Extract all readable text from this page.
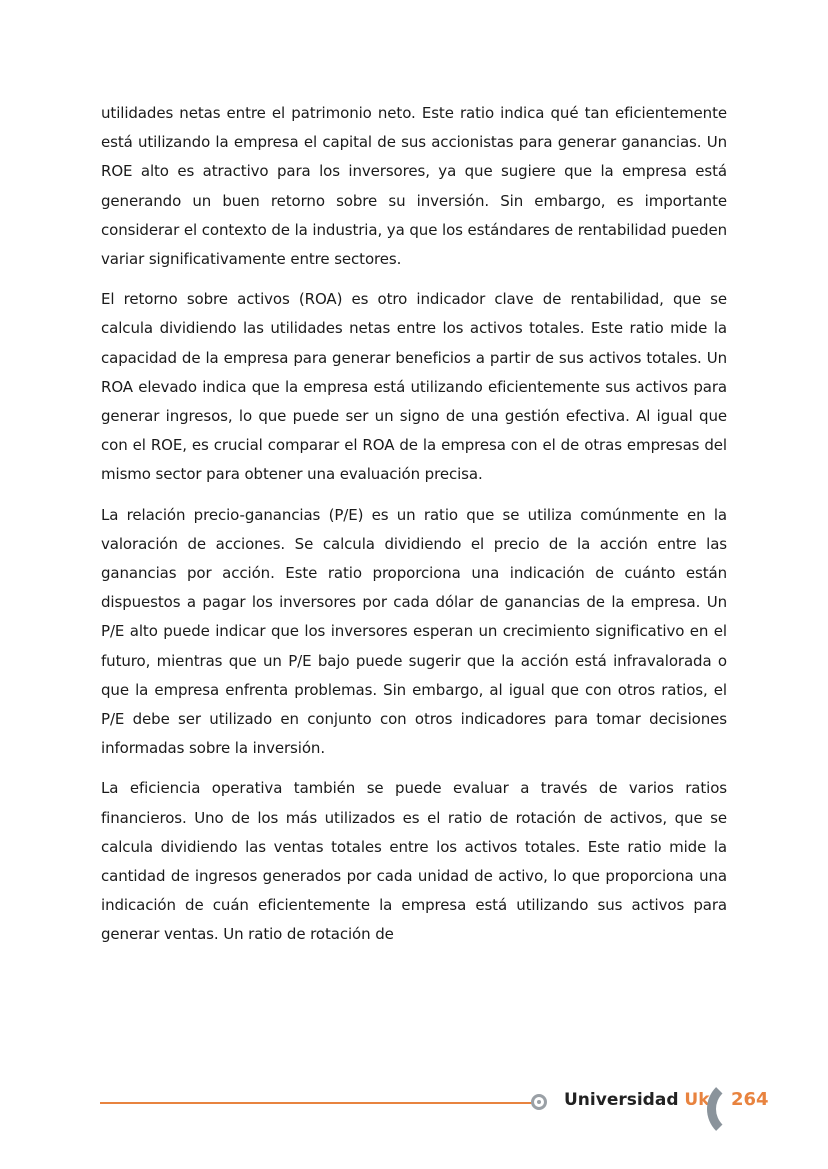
utilidades netas entre el patrimonio neto. Este ratio indica qué tan eficientemente está utilizando la empresa el capital de sus accionistas para generar ganancias. Un ROE alto es atractivo para los inversores, ya que sugiere que la empresa está generando un buen retorno sobre su inversión. Sin embargo, es importante considerar el contexto de la industria, ya que los estándares de rentabilidad pueden variar significativamente entre sectores.

El retorno sobre activos (ROA) es otro indicador clave de rentabilidad, que se calcula dividiendo las utilidades netas entre los activos totales. Este ratio mide la capacidad de la empresa para generar beneficios a partir de sus activos totales. Un ROA elevado indica que la empresa está utilizando eficientemente sus activos para generar ingresos, lo que puede ser un signo de una gestión efectiva. Al igual que con el ROE, es crucial comparar el ROA de la empresa con el de otras empresas del mismo sector para obtener una evaluación precisa.

La relación precio-ganancias (P/E) es un ratio que se utiliza comúnmente en la valoración de acciones. Se calcula dividiendo el precio de la acción entre las ganancias por acción. Este ratio proporciona una indicación de cuánto están dispuestos a pagar los inversores por cada dólar de ganancias de la empresa. Un P/E alto puede indicar que los inversores esperan un crecimiento significativo en el futuro, mientras que un P/E bajo puede sugerir que la acción está infravalorada o que la empresa enfrenta problemas. Sin embargo, al igual que con otros ratios, el P/E debe ser utilizado en conjunto con otros indicadores para tomar decisiones informadas sobre la inversión.

La eficiencia operativa también se puede evaluar a través de varios ratios financieros. Uno de los más utilizados es el ratio de rotación de activos, que se calcula dividiendo las ventas totales entre los activos totales. Este ratio mide la cantidad de ingresos generados por cada unidad de activo, lo que proporciona una indicación de cuán eficientemente la empresa está utilizando sus activos para generar ventas. Un ratio de rotación de

Universidad Uk 264
